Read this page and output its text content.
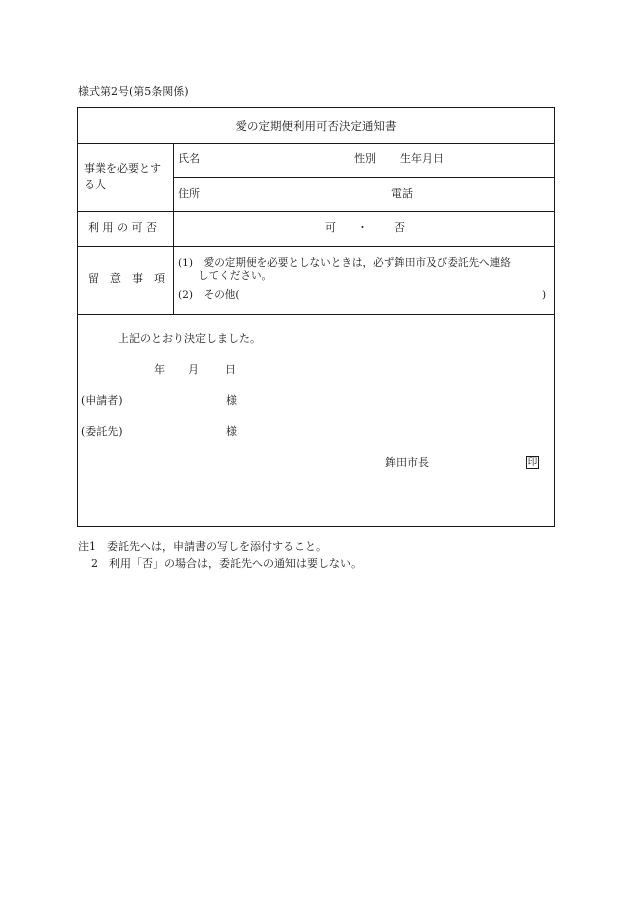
様式第2号(第5条関係)
愛の定期便利用可否決定通知書
事業を必要とす
る人
氏名	性別 生年月日
住所	電話
利 用 の 可 否	可 ・ 否
留　意　事　項
(1)　愛の定期便を必要としないときは，必ず鉾田市及び委託先へ連絡
してください。
(2)　その他(	)
上記のとおり決定しました。
年 月 日
(申請者)	様
(委託先)	様
鉾田市長	印
注1　委託先へは，申請書の写しを添付すること。
2　利用「否」の場合は，委託先への通知は要しない。
